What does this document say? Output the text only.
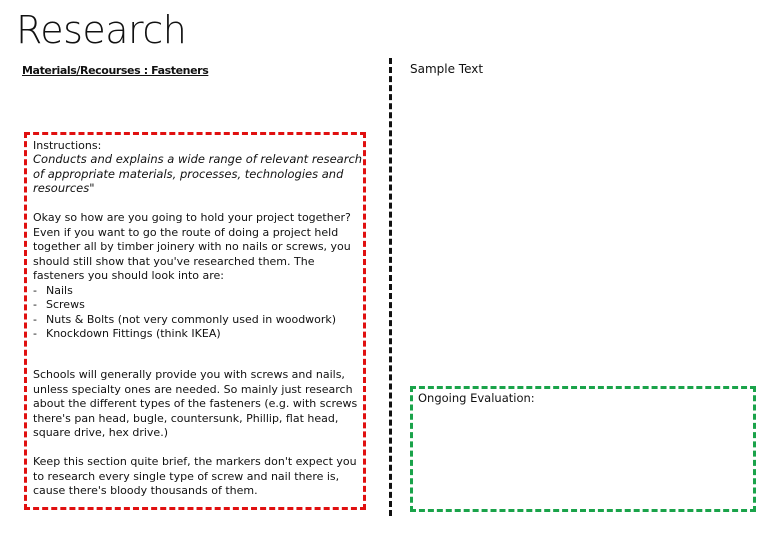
Research
Materials/Recourses : Fasteners
Instructions:
Conducts and explains a wide range of relevant research of appropriate materials, processes, technologies and resources"
Okay so how are you going to hold your project together? Even if you want to go the route of doing a project held together all by timber joinery with no nails or screws, you should still show that you've researched them. The fasteners you should look into are:
- Nails
- Screws
- Nuts & Bolts (not very commonly used in woodwork)
- Knockdown Fittings (think IKEA)
Schools will generally provide you with screws and nails, unless specialty ones are needed. So mainly just research about the different types of the fasteners (e.g. with screws there's pan head, bugle, countersunk, Phillip, flat head, square drive, hex drive.)
Keep this section quite brief, the markers don't expect you to research every single type of screw and nail there is, cause there's bloody thousands of them.
Sample Text
Ongoing Evaluation:
